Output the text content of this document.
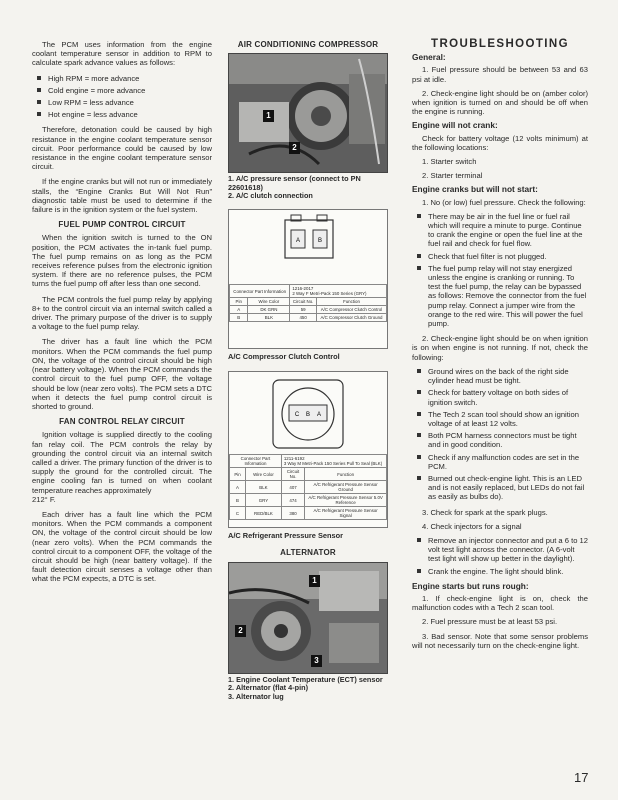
The PCM uses information from the engine coolant temperature sensor in addition to RPM to calculate spark advance values as follows:

High RPM = more advance
Cold engine = more advance
Low RPM = less advance
Hot engine = less advance

Therefore, detonation could be caused by high resistance in the engine coolant temperature sensor circuit. Poor performance could be caused by low resistance in the engine coolant temperature sensor circuit.

If the engine cranks but will not run or immediately stalls, the “Engine Cranks But Will Not Run” diagnostic table must be used to determine if the failure is in the ignition system or the fuel system.

FUEL PUMP CONTROL CIRCUIT

When the ignition switch is turned to the ON position, the PCM activates the in-tank fuel pump. The fuel pump remains on as long as the PCM receives reference pulses from the electronic ignition system. If there are no reference pulses, the PCM turns the fuel pump off after less than one second.

The PCM controls the fuel pump relay by applying 8+ to the control circuit via an internal switch called a driver. The primary purpose of the driver is to supply a voltage to the fuel pump relay.

The driver has a fault line which the PCM monitors. When the PCM commands the fuel pump ON, the voltage of the control circuit should be high (near battery voltage). When the PCM commands the control circuit to the fuel pump OFF, the voltage should be low (near zero volts). The PCM sets a DTC when it detects the fuel pump control circuit is shorted to ground.

FAN CONTROL RELAY CIRCUIT

Ignition voltage is supplied directly to the cooling fan relay coil. The PCM controls the relay by grounding the control circuit via an internal switch called a driver. The primary function of the driver is to supply the ground for the controlled circuit. The engine cooling fan is turned on when coolant temperature reaches approximately

212° F.

Each driver has a fault line which the PCM monitors. When the PCM commands a component ON, the voltage of the control circuit should be low (near zero volts). When the PCM commands the control circuit to a component OFF, the voltage of the circuit should be high (near battery voltage). If the fault detection circuit senses a voltage other than what the PCM expects, a DTC is set.

AIR CONDITIONING COMPRESSOR
1
2
1. A/C pressure sensor (connect to PN 22601618)
2. A/C clutch connection
A	B
Connector Part Information		1216-2017
2 Way F Metri-Pack 150 Series (GRY)	

Pin	Wire Color	Circuit No.	Function
A	DK GRN	59	A/C Compressor Clutch Control
B	BLK	450	A/C Compressor Clutch Ground
A/C Compressor Clutch Control
C B A
Connector Part Information		1211-6192
3 Way M Metri-Pack 150 Series Pull To Seal (BLK)	

Pin	Wire Color	Circuit No.	Function
A	BLK	407	A/C Refrigerant Pressure Sensor Ground
B	GRY	474	A/C Refrigerant Pressure Sensor 5.0V Reference
C	RED/BLK	380	A/C Refrigerant Pressure Sensor Signal
A/C Refrigerant Pressure Sensor
ALTERNATOR
1
2
3
1. Engine Coolant Temperature (ECT) sensor
2. Alternator (flat 4-pin)
3. Alternator lug
TROUBLESHOOTING
General:

1. Fuel pressure should be between 53 and 63 psi at idle.

2. Check-engine light should be on (amber color) when ignition is turned on and should be off when the engine is running.

Engine will not crank:

Check for battery voltage (12 volts minimum) at the following locations:

1. Starter switch

2. Starter terminal

Engine cranks but will not start:

1. No (or low) fuel pressure. Check the following:

There may be air in the fuel line or fuel rail which will require a minute to purge. Continue to crank the engine or open the fuel line at the fuel rail and check for fuel flow.
Check that fuel filter is not plugged.
The fuel pump relay will not stay energized unless the engine is cranking or running. To test the fuel pump, the relay can be bypassed as follows: Remove the connector from the fuel pump relay. Connect a jumper wire from the orange to the red wire. This will power the fuel pump.

2. Check-engine light should be on when ignition is on when engine is not running. If not, check the following:

Ground wires on the back of the right side cylinder head must be tight.
Check for battery voltage on both sides of ignition switch.
The Tech 2 scan tool should show an ignition voltage of at least 12 volts.
Both PCM harness connectors must be tight and in good condition.
Check if any malfunction codes are set in the PCM.
Burned out check-engine light. This is an LED and is not easily replaced, but LEDs do not fail as easily as bulbs do).

3. Check for spark at the spark plugs.

4. Check injectors for a signal

Remove an injector connector and put a 6 to 12 volt test light across the connector. (A 6-volt test light will show up better in the daylight).
Crank the engine. The light should blink.
Engine starts but runs rough:

1. If check-engine light is on, check the malfunction codes with a Tech 2 scan tool.

2. Fuel pressure must be at least 53 psi.

3. Bad sensor. Note that some sensor problems will not necessarily turn on the check-engine light.

17
